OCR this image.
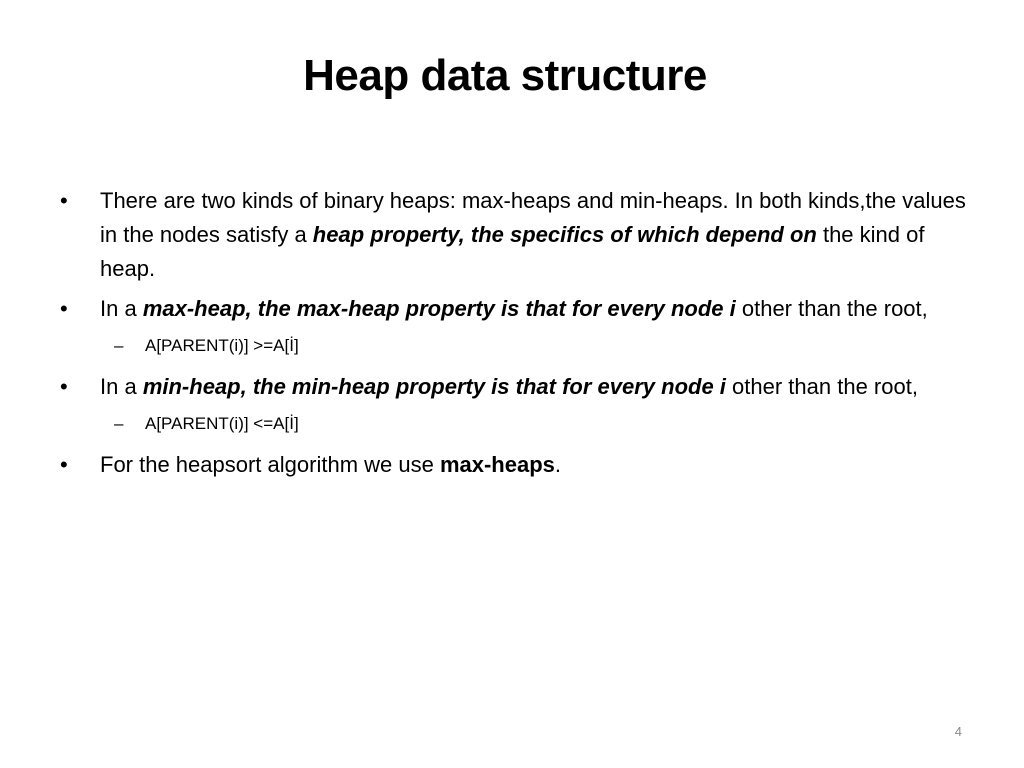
Heap data structure
•	There are two kinds of binary heaps: max-heaps and min-heaps. In both kinds,the values in the nodes satisfy a heap property, the specifics of which depend on the kind of heap.
•	In a max-heap, the max-heap property is that for every node i other than the root,
– A[PARENT(i)] >=A[İ]
•	In a min-heap, the min-heap property is that for every node i other than the root,
– A[PARENT(i)] <=A[İ]
•	For the heapsort algorithm we use max-heaps.
4
